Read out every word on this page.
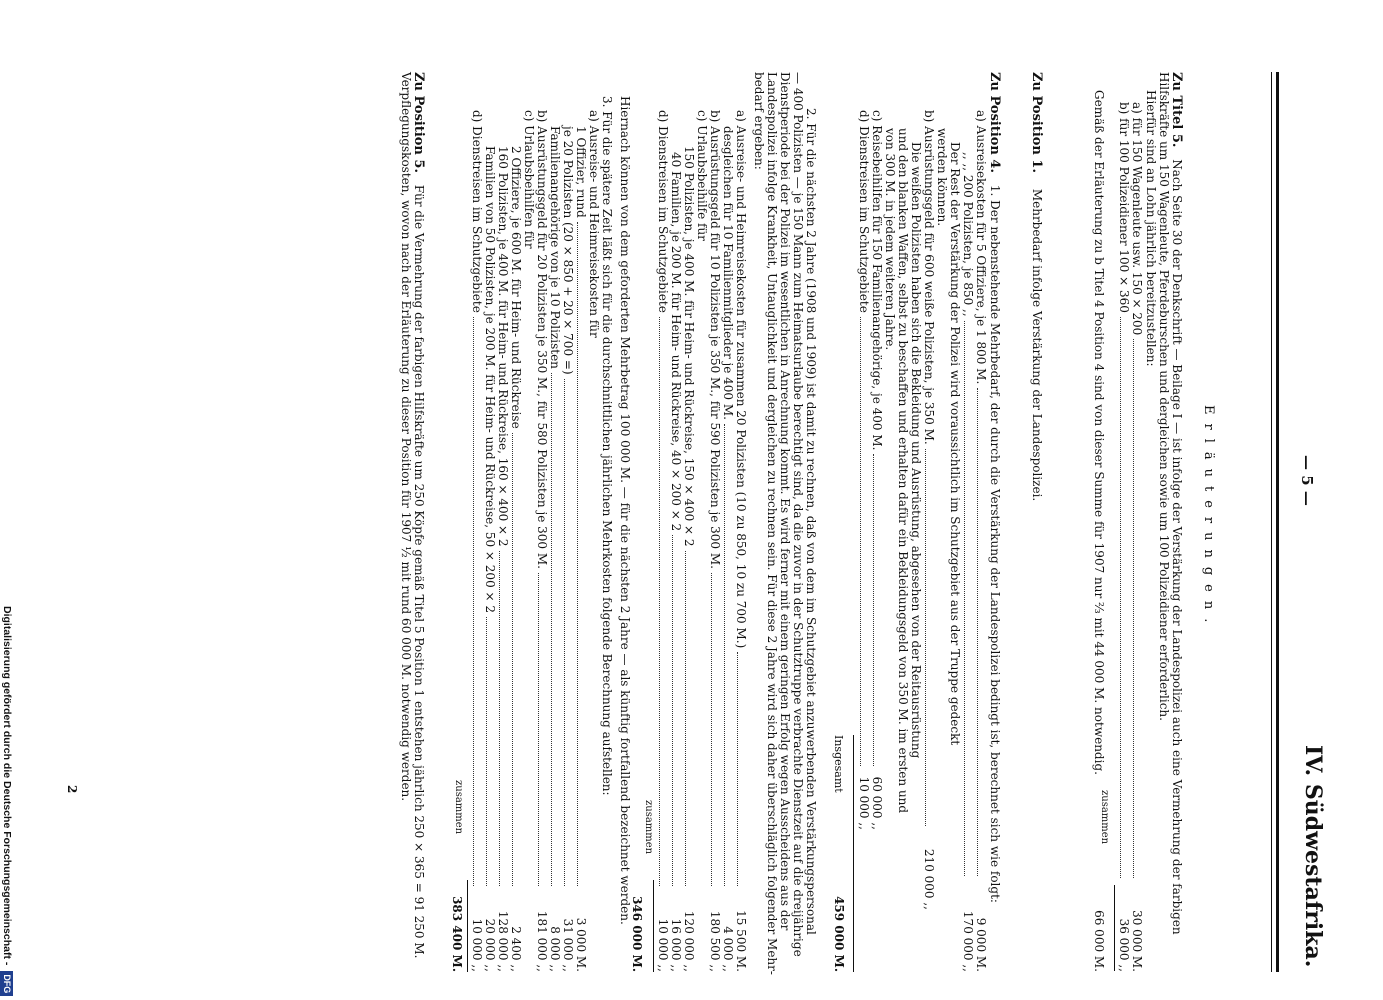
— 5 —
IV. Südwestafrika.
Erläuterungen.
Zu Titel 5. Nach Seite 30 der Denkschrift — Beilage I — ist infolge der Verstärkung der Landespolizei auch eine Vermehrung der farbigen
Hilfskräfte um 150 Wagenleute, Pferdeburschen und dergleichen sowie um 100 Polizeidiener erforderlich.
Hierfür sind an Lohn jährlich bereitzustellen:
a) für 150 Wagenleute usw. 150 × 200
30 000 M.
b) für 100 Polizeidiener 100 × 360
36 000 ,,
Gemäß der Erläuterung zu b Titel 4 Position 4 sind von dieser Summe für 1907 nur ⅔ mit 44 000 M. notwendig.
zusammen
66 000 M.
Zu Position 1. Mehrbedarf infolge Verstärkung der Landespolizei.
Zu Position 4. 1. Der nebenstehende Mehrbedarf, der durch die Verstärkung der Landespolizei bedingt ist, berechnet sich wie folgt:
a) Ausreisekosten für 5 Offiziere, je 1 800 M.
9 000 M.
,, ,, 200 Polizisten, je 850 ,,
170 000 ,,
Der Rest der Verstärkung der Polizei wird voraussichtlich im Schutzgebiet aus der Truppe gedeckt
werden können.
b) Ausrüstungsgeld für 600 weiße Polizisten, je 350 M.
210 000 ,,
Die weißen Polizisten haben sich die Bekleidung und Ausrüstung, abgesehen von der Reitausrüstung
und den blanken Waffen, selbst zu beschaffen und erhalten dafür ein Bekleidungsgeld von 350 M. im ersten und
von 300 M. in jedem weiteren Jahre.
c) Reisebeihilfen für 150 Familienangehörige, je 400 M.
60 000 ,,
d) Dienstreisen im Schutzgebiete
10 000 ,,
Insgesamt
459 000 M.
2. Für die nächsten 2 Jahre (1908 und 1909) ist damit zu rechnen, daß von dem im Schutzgebiet anzuwerbenden Verstärkungspersonal
— 400 Polizisten — je 150 Mann zum Heimatsurlaube berechtigt sind, da die zuvor in der Schutztruppe verbrachte Dienstzeit auf die dreijährige
Dienstperiode bei der Polizei im wesentlichen in Anrechnung kommt. Es wird ferner mit einem geringen Erfolg wegen Ausscheidens aus der
Landespolizei infolge Krankheit, Untauglichkeit und dergleichen zu rechnen sein. Für diese 2 Jahre wird sich daher überschläglich folgender Mehr-
bedarf ergeben:
a) Ausreise- und Heimreisekosten für zusammen 20 Polizisten (10 zu 850, 10 zu 700 M.)
15 500 M.
desgleichen für 10 Familienmitglieder je 400 M.
4 000 ,,
b) Ausrüstungsgeld für 10 Polizisten je 350 M., für 590 Polizisten je 300 M.
180 500 ,,
c) Urlaubsbeihilfe für
150 Polizisten, je 400 M. für Heim- und Rückreise, 150 × 400 × 2
120 000 ,,
40 Familien, je 200 M. für Heim- und Rückreise, 40 × 200 × 2
16 000 ,,
d) Dienstreisen im Schutzgebiete
10 000 ,,
zusammen
346 000 M.
Hiernach können von dem geforderten Mehrbetrag 100 000 M. — für die nächsten 2 Jahre — als künftig fortfallend bezeichnet werden.
3. Für die spätere Zeit läßt sich für die durchschnittlichen jährlichen Mehrkosten folgende Berechnung aufstellen:
a) Ausreise- und Heimreisekosten für
1 Offizier, rund
3 000 M.
je 20 Polizisten (20 × 850 + 20 × 700 =)
31 000 ,,
Familienangehörige von je 10 Polizisten
8 000 ,,
b) Ausrüstungsgeld für 20 Polizisten je 350 M., für 580 Polizisten je 300 M.
181 000 ,,
c) Urlaubsbeihilfen für
2 Offiziere, je 600 M. für Heim- und Rückreise
2 400 ,,
160 Polizisten, je 400 M. für Heim- und Rückreise, 160 × 400 × 2
128 000 ,,
Familien von 50 Polizisten, je 200 M. für Heim- und Rückreise, 50 × 200 × 2
20 000 ,,
d) Dienstreisen im Schutzgebiete
10 000 ,,
zusammen
383 400 M.
Zu Position 5. Für die Vermehrung der farbigen Hilfskräfte um 250 Köpfe gemäß Titel 5 Position 1 entstehen jährlich 250 × 365 = 91 250 M.
Verpflegungskosten, wovon nach der Erläuterung zu dieser Position für 1907 ½ mit rund 60 000 M. notwendig werden.
2
Digitalisierung gefördert durch die Deutsche Forschungsgemeinschaft - DFG
